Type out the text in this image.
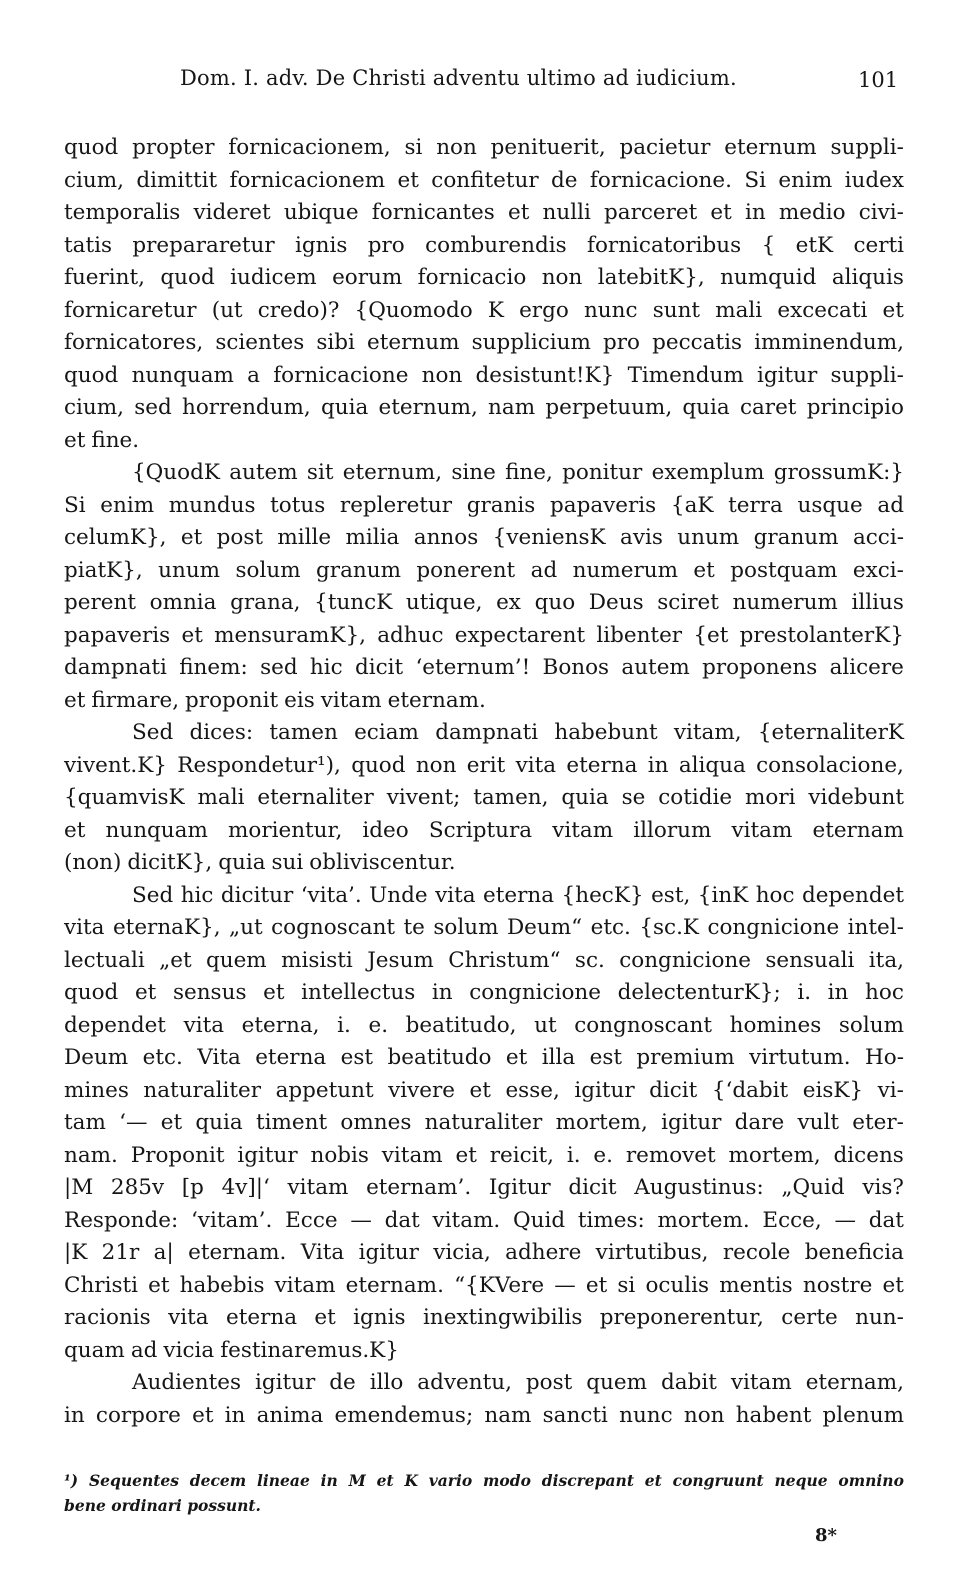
Dom. I. adv. De Christi adventu ultimo ad iudicium.	101
quod propter fornicacionem, si non penituerit, pacietur eternum suppli-
cium, dimittit fornicacionem et confitetur de fornicacione. Si enim iudex
temporalis videret ubique fornicantes et nulli parceret et in medio civi-
tatis prepararetur ignis pro comburendis fornicatoribus { etK certi
fuerint, quod iudicem eorum fornicacio non latebitK}, numquid aliquis
fornicaretur (ut credo)? {Quomodo K ergo nunc sunt mali excecati et
fornicatores, scientes sibi eternum supplicium pro peccatis imminendum,
quod nunquam a fornicacione non desistunt!K} Timendum igitur suppli-
cium, sed horrendum, quia eternum, nam perpetuum, quia caret principio
et fine.
{QuodK autem sit eternum, sine fine, ponitur exemplum grossumK:}
Si enim mundus totus repleretur granis papaveris {aK terra usque ad
celumK}, et post mille milia annos {veniensK avis unum granum acci-
piatK}, unum solum granum ponerent ad numerum et postquam exci-
perent omnia grana, {tuncK utique, ex quo Deus sciret numerum illius
papaveris et mensuramK}, adhuc expectarent libenter {et prestolanterK}
dampnati finem: sed hic dicit ‘eternum’! Bonos autem proponens alicere
et firmare, proponit eis vitam eternam.
Sed dices: tamen eciam dampnati habebunt vitam, {eternaliterK
vivent.K} Respondetur¹), quod non erit vita eterna in aliqua consolacione,
{quamvisK mali eternaliter vivent; tamen, quia se cotidie mori videbunt
et nunquam morientur, ideo Scriptura vitam illorum vitam eternam
(non) dicitK}, quia sui obliviscentur.
Sed hic dicitur ‘vita’. Unde vita eterna {hecK} est, {inK hoc dependet
vita eternaK}, „ut cognoscant te solum Deum“ etc. {sc.K congnicione intel-
lectuali „et quem misisti Jesum Christum“ sc. congnicione sensuali ita,
quod et sensus et intellectus in congnicione delectenturK}; i. in hoc
dependet vita eterna, i. e. beatitudo, ut congnoscant homines solum
Deum etc. Vita eterna est beatitudo et illa est premium virtutum. Ho-
mines naturaliter appetunt vivere et esse, igitur dicit {‘dabit eisK} vi-
tam ‘— et quia timent omnes naturaliter mortem, igitur dare vult eter-
nam. Proponit igitur nobis vitam et reicit, i. e. removet mortem, dicens
|M 285v [p 4v]|‘ vitam eternam’. Igitur dicit Augustinus: „Quid vis?
Responde: ‘vitam’. Ecce — dat vitam. Quid times: mortem. Ecce, — dat
|K 21r a| eternam. Vita igitur vicia, adhere virtutibus, recole beneficia
Christi et habebis vitam eternam. “{KVere — et si oculis mentis nostre et
racionis vita eterna et ignis inextingwibilis preponerentur, certe nun-
quam ad vicia festinaremus.K}
Audientes igitur de illo adventu, post quem dabit vitam eternam,
in corpore et in anima emendemus; nam sancti nunc non habent plenum
¹) Sequentes decem lineae in M et K vario modo discrepant et congruunt neque omnino
bene ordinari possunt.
8*
